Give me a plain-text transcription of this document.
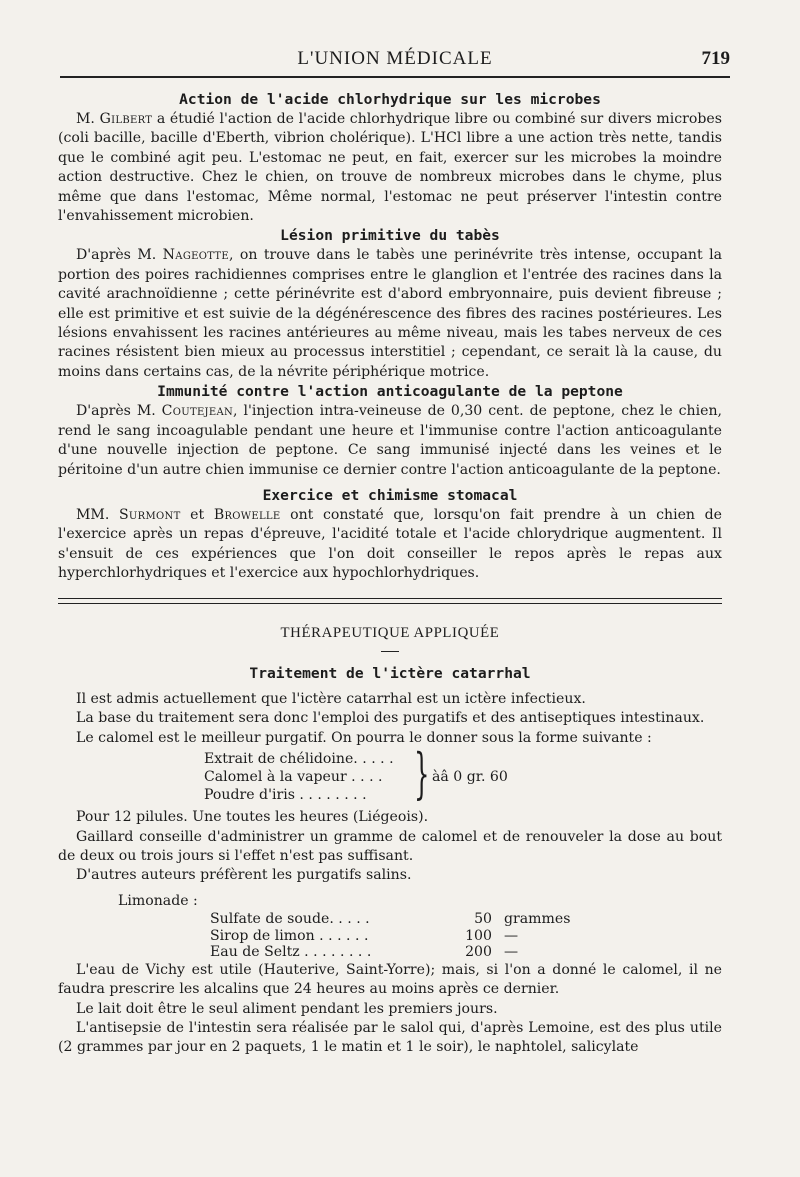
L'UNION MÉDICALE	719
Action de l'acide chlorhydrique sur les microbes

M. Gilbert a étudié l'action de l'acide chlorhydrique libre ou combiné sur divers microbes (coli bacille, bacille d'Eberth, vibrion cholérique). L'HCl libre a une action très nette, tandis que le combiné agit peu. L'estomac ne peut, en fait, exercer sur les microbes la moindre action destructive. Chez le chien, on trouve de nombreux microbes dans le chyme, plus même que dans l'estomac, Même normal, l'estomac ne peut préserver l'intestin contre l'envahissement microbien.

Lésion primitive du tabès

D'après M. Nageotte, on trouve dans le tabès une perinévrite très intense, occupant la portion des poires rachidiennes comprises entre le glanglion et l'entrée des racines dans la cavité arachnoïdienne ; cette périnévrite est d'abord embryonnaire, puis devient fibreuse ; elle est primitive et est suivie de la dégénérescence des fibres des racines postérieures. Les lésions envahissent les racines antérieures au même niveau, mais les tabes nerveux de ces racines résistent bien mieux au processus interstitiel ; cependant, ce serait là la cause, du moins dans certains cas, de la névrite périphérique motrice.

Immunité contre l'action anticoagulante de la peptone

D'après M. Coutejean, l'injection intra-veineuse de 0,30 cent. de peptone, chez le chien, rend le sang incoagulable pendant une heure et l'immunise contre l'action anticoagulante d'une nouvelle injection de peptone. Ce sang immunisé injecté dans les veines et le péritoine d'un autre chien immunise ce dernier contre l'action anticoagulante de la peptone.

Exercice et chimisme stomacal

MM. Surmont et Browelle ont constaté que, lorsqu'on fait prendre à un chien de l'exercice après un repas d'épreuve, l'acidité totale et l'acide chlorydrique augmentent. Il s'ensuit de ces expériences que l'on doit conseiller le repos après le repas aux hyperchlorhydriques et l'exercice aux hypochlorhydriques.

THÉRAPEUTIQUE APPLIQUÉE
Traitement de l'ictère catarrhal

Il est admis actuellement que l'ictère catarrhal est un ictère infectieux.

La base du traitement sera donc l'emploi des purgatifs et des antiseptiques intestinaux.

Le calomel est le meilleur purgatif. On pourra le donner sous la forme suivante :

Extrait de chélidoine. . . . .
Calomel à la vapeur . . . .
Poudre d'iris . . . . . . . . } àâ 0 gr. 60

Pour 12 pilules. Une toutes les heures (Liégeois).

Gaillard conseille d'administrer un gramme de calomel et de renouveler la dose au bout de deux ou trois jours si l'effet n'est pas suffisant.

D'autres auteurs préfèrent les purgatifs salins.

Limonade :
Sulfate de soude. . . . .	50 grammes
Sirop de limon . . . . . .	100 —
Eau de Seltz . . . . . . . .	200 —

L'eau de Vichy est utile (Hauterive, Saint-Yorre); mais, si l'on a donné le calomel, il ne faudra prescrire les alcalins que 24 heures au moins après ce dernier.

Le lait doit être le seul aliment pendant les premiers jours.

L'antisepsie de l'intestin sera réalisée par le salol qui, d'après Lemoine, est des plus utile (2 grammes par jour en 2 paquets, 1 le matin et 1 le soir), le naphtolel, salicylate
